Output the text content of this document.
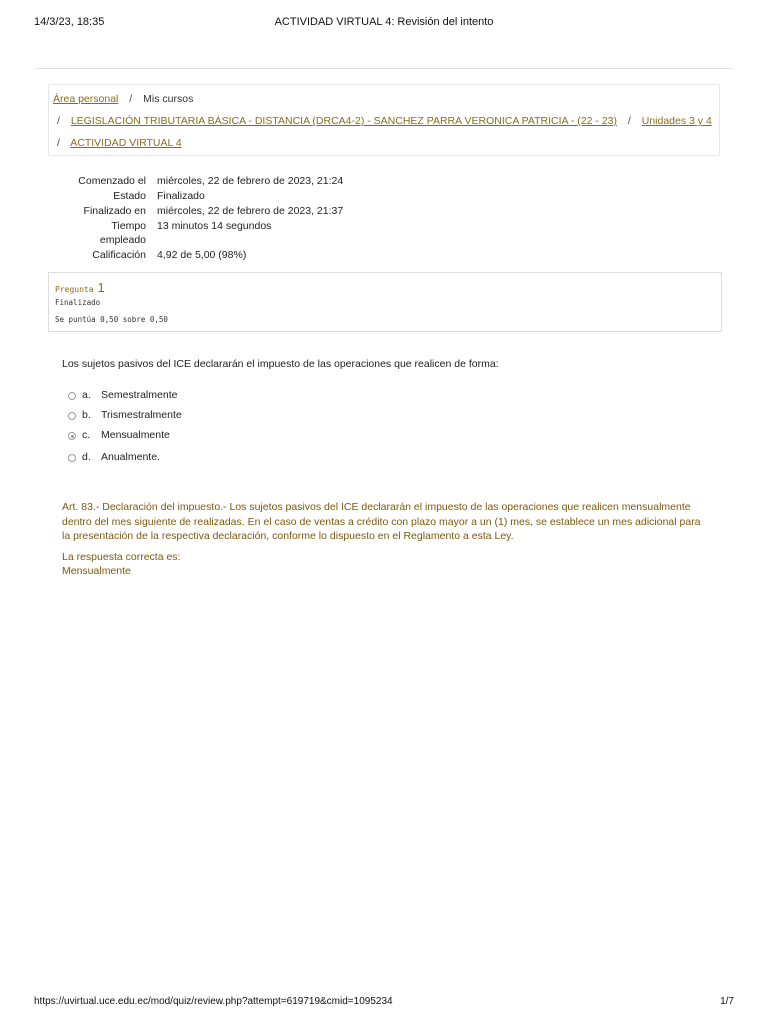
14/3/23, 18:35	ACTIVIDAD VIRTUAL 4: Revisión del intento
Área personal / Mis cursos
/ LEGISLACIÓN TRIBUTARIA BÁSICA - DISTANCIA (DRCA4-2) - SANCHEZ PARRA VERONICA PATRICIA - (22 - 23) / Unidades 3 y 4
/ ACTIVIDAD VIRTUAL 4
Comenzado el miércoles, 22 de febrero de 2023, 21:24
Estado Finalizado
Finalizado en miércoles, 22 de febrero de 2023, 21:37
Tiempo
empleado
13 minutos 14 segundos
Calificación 4,92 de 5,00 (98%)
Pregunta 1
Finalizado
Se puntúa 0,50 sobre 0,50
Los sujetos pasivos del ICE declararán el impuesto de las operaciones que realicen de forma:
a. Semestralmente
b. Trismestralmente
c. Mensualmente
d. Anualmente.
Art. 83.- Declaración del impuesto.- Los sujetos pasivos del ICE declararán el impuesto de las operaciones que realicen mensualmente dentro del mes siguiente de realizadas. En el caso de ventas a crédito con plazo mayor a un (1) mes, se establece un mes adicional para la presentación de la respectiva declaración, conforme lo dispuesto en el Reglamento a esta Ley.
La respuesta correcta es:
Mensualmente
https://uvirtual.uce.edu.ec/mod/quiz/review.php?attempt=619719&cmid=1095234	1/7
